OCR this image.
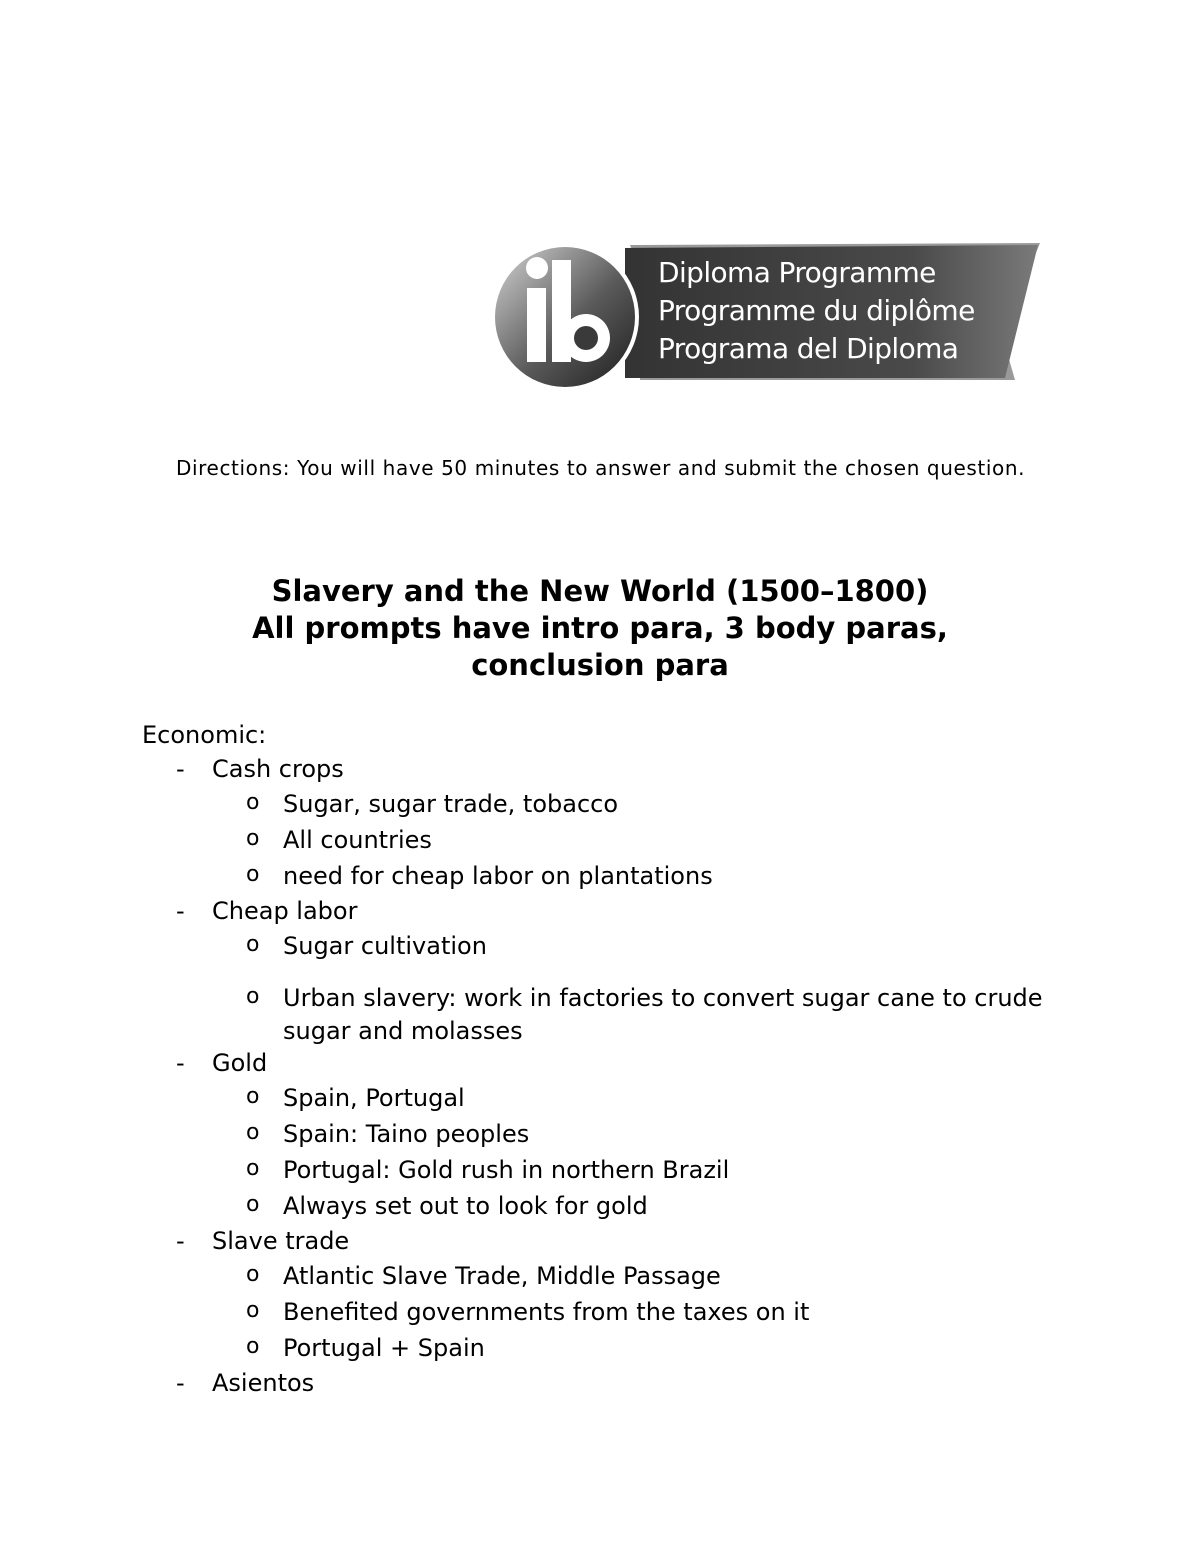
Diploma Programme
Programme du diplôme
Programa del Diploma
Directions: You will have 50 minutes to answer and submit the chosen question.
Slavery and the New World (1500–1800)
All prompts have intro para, 3 body paras,
conclusion para
Economic:
- Cash crops
o Sugar, sugar trade, tobacco
o All countries
o need for cheap labor on plantations
- Cheap labor
o Sugar cultivation
o Urban slavery: work in factories to convert sugar cane to crude sugar and molasses
- Gold
o Spain, Portugal
o Spain: Taino peoples
o Portugal: Gold rush in northern Brazil
o Always set out to look for gold
- Slave trade
o Atlantic Slave Trade, Middle Passage
o Benefited governments from the taxes on it
o Portugal + Spain
- Asientos
